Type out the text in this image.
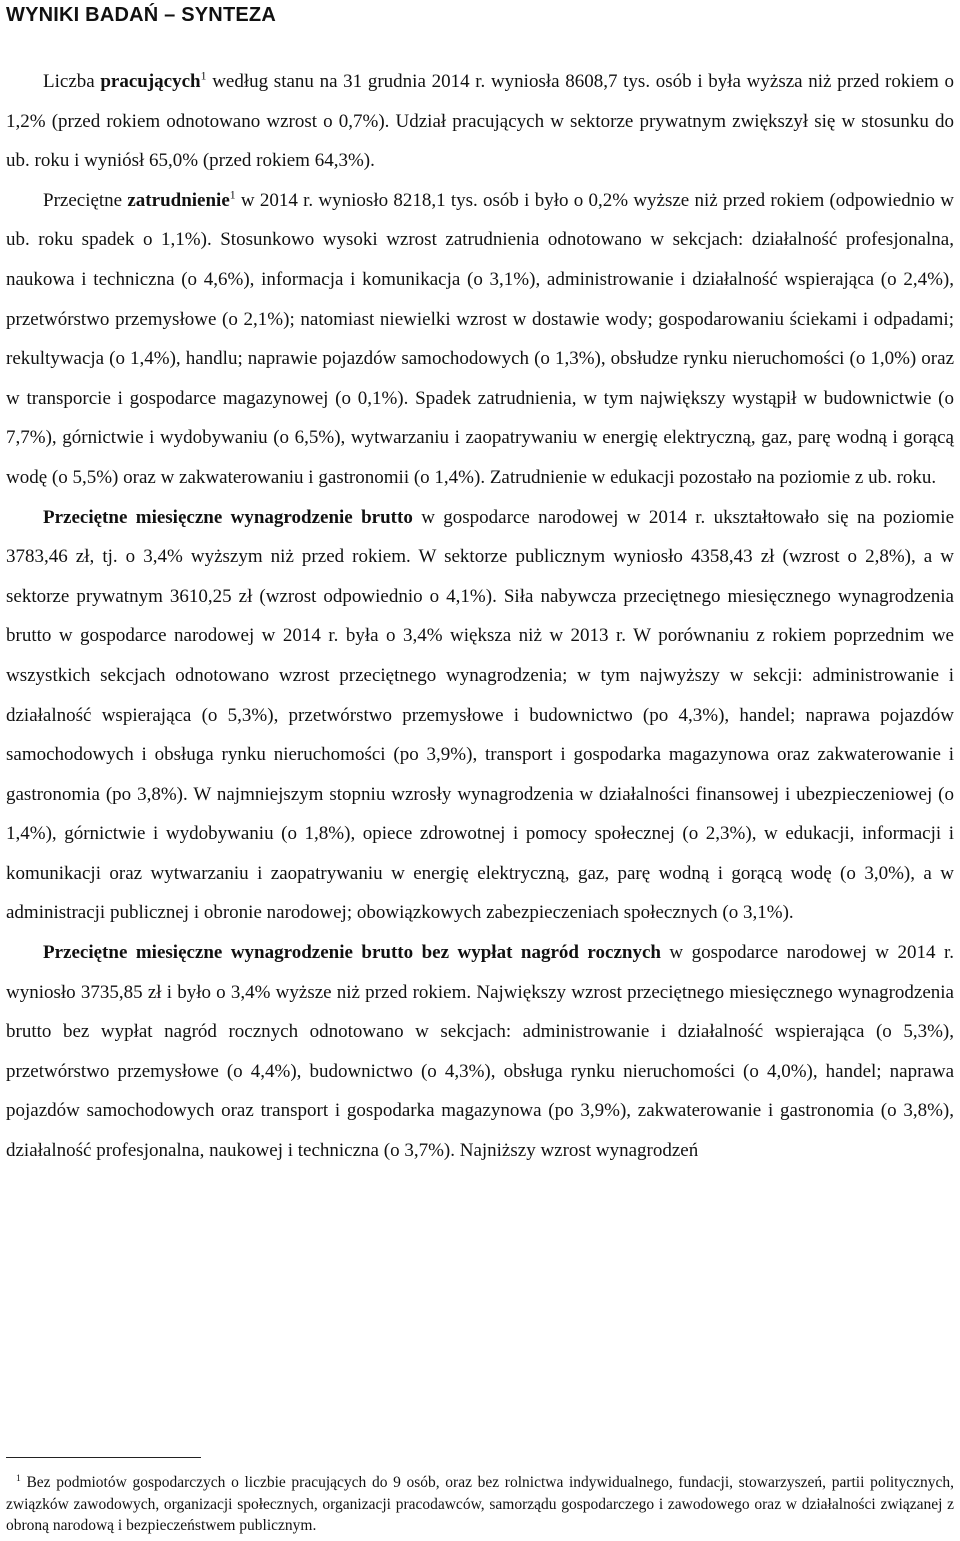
WYNIKI BADAŃ – SYNTEZA

Liczba pracujących$^1$ według stanu na 31 grudnia 2014 r. wyniosła 8608,7 tys. osób i była wyższa niż przed rokiem o 1,2% (przed rokiem odnotowano wzrost o 0,7%). Udział pracujących w sektorze prywatnym zwiększył się w stosunku do ub. roku i wyniósł 65,0% (przed rokiem 64,3%).

Przeciętne zatrudnienie$^1$ w 2014 r. wyniosło 8218,1 tys. osób i było o 0,2% wyższe niż przed rokiem (odpowiednio w ub. roku spadek o 1,1%). Stosunkowo wysoki wzrost zatrudnienia odnotowano w sekcjach: działalność profesjonalna, naukowa i techniczna (o 4,6%), informacja i komunikacja (o 3,1%), administrowanie i działalność wspierająca (o 2,4%), przetwórstwo przemysłowe (o 2,1%); natomiast niewielki wzrost w dostawie wody; gospodarowaniu ściekami i odpadami; rekultywacja (o 1,4%), handlu; naprawie pojazdów samochodowych (o 1,3%), obsłudze rynku nieruchomości (o 1,0%) oraz w transporcie i gospodarce magazynowej (o 0,1%). Spadek zatrudnienia, w tym największy wystąpił w budownictwie (o 7,7%), górnictwie i wydobywaniu (o 6,5%), wytwarzaniu i zaopatrywaniu w energię elektryczną, gaz, parę wodną i gorącą wodę (o 5,5%) oraz w zakwaterowaniu i gastronomii (o 1,4%). Zatrudnienie w edukacji pozostało na poziomie z ub. roku.

Przeciętne miesięczne wynagrodzenie brutto w gospodarce narodowej w 2014 r. ukształtowało się na poziomie 3783,46 zł, tj. o 3,4% wyższym niż przed rokiem. W sektorze publicznym wyniosło 4358,43 zł (wzrost o 2,8%), a w sektorze prywatnym 3610,25 zł (wzrost odpowiednio o 4,1%). Siła nabywcza przeciętnego miesięcznego wynagrodzenia brutto w gospodarce narodowej w 2014 r. była o 3,4% większa niż w 2013 r. W porównaniu z rokiem poprzednim we wszystkich sekcjach odnotowano wzrost przeciętnego wynagrodzenia; w tym najwyższy w sekcji: administrowanie i działalność wspierająca (o 5,3%), przetwórstwo przemysłowe i budownictwo (po 4,3%), handel; naprawa pojazdów samochodowych i obsługa rynku nieruchomości (po 3,9%), transport i gospodarka magazynowa oraz zakwaterowanie i gastronomia (po 3,8%). W najmniejszym stopniu wzrosły wynagrodzenia w działalności finansowej i ubezpieczeniowej (o 1,4%), górnictwie i wydobywaniu (o 1,8%), opiece zdrowotnej i pomocy społecznej (o 2,3%), w edukacji, informacji i komunikacji oraz wytwarzaniu i zaopatrywaniu w energię elektryczną, gaz, parę wodną i gorącą wodę (o 3,0%), a w administracji publicznej i obronie narodowej; obowiązkowych zabezpieczeniach społecznych (o 3,1%).

Przeciętne miesięczne wynagrodzenie brutto bez wypłat nagród rocznych w gospodarce narodowej w 2014 r. wyniosło 3735,85 zł i było o 3,4% wyższe niż przed rokiem. Największy wzrost przeciętnego miesięcznego wynagrodzenia brutto bez wypłat nagród rocznych odnotowano w sekcjach: administrowanie i działalność wspierająca (o 5,3%), przetwórstwo przemysłowe (o 4,4%), budownictwo (o 4,3%), obsługa rynku nieruchomości (o 4,0%), handel; naprawa pojazdów samochodowych oraz transport i gospodarka magazynowa (po 3,9%), zakwaterowanie i gastronomia (o 3,8%), działalność profesjonalna, naukowej i techniczna (o 3,7%). Najniższy wzrost wynagrodzeń

$^1$ Bez podmiotów gospodarczych o liczbie pracujących do 9 osób, oraz bez rolnictwa indywidualnego, fundacji, stowarzyszeń, partii politycznych, związków zawodowych, organizacji społecznych, organizacji pracodawców, samorządu gospodarczego i zawodowego oraz w działalności związanej z obroną narodową i bezpieczeństwem publicznym.
